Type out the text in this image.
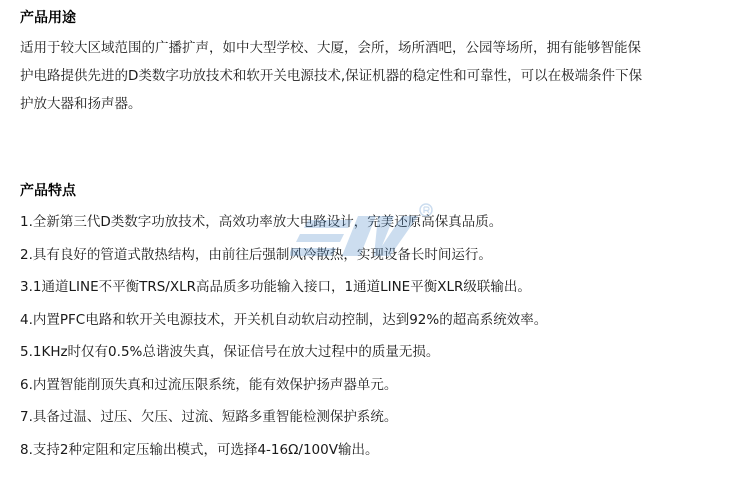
产品用途
适用于较大区域范围的广播扩声，如中大型学校、大厦，会所，场所酒吧，公园等场所，拥有能够智能保
护电路提供先进的D类数字功放技术和软开关电源技术,保证机器的稳定性和可靠性，可以在极端条件下保
护放大器和扬声器。
产品特点
1.全新第三代D类数字功放技术，高效功率放大电路设计，完美还原高保真品质。
2.具有良好的管道式散热结构，由前往后强制风冷散热，实现设备长时间运行。
3.1通道LINE不平衡TRS/XLR高品质多功能输入接口，1通道LINE平衡XLR级联输出。
4.内置PFC电路和软开关电源技术，开关机自动软启动控制，达到92%的超高系统效率。
5.1KHz时仅有0.5%总谐波失真，保证信号在放大过程中的质量无损。
6.内置智能削顶失真和过流压限系统，能有效保护扬声器单元。
7.具备过温、过压、欠压、过流、短路多重智能检测保护系统。
8.支持2种定阻和定压输出模式，可选择4-16Ω/100V输出。
